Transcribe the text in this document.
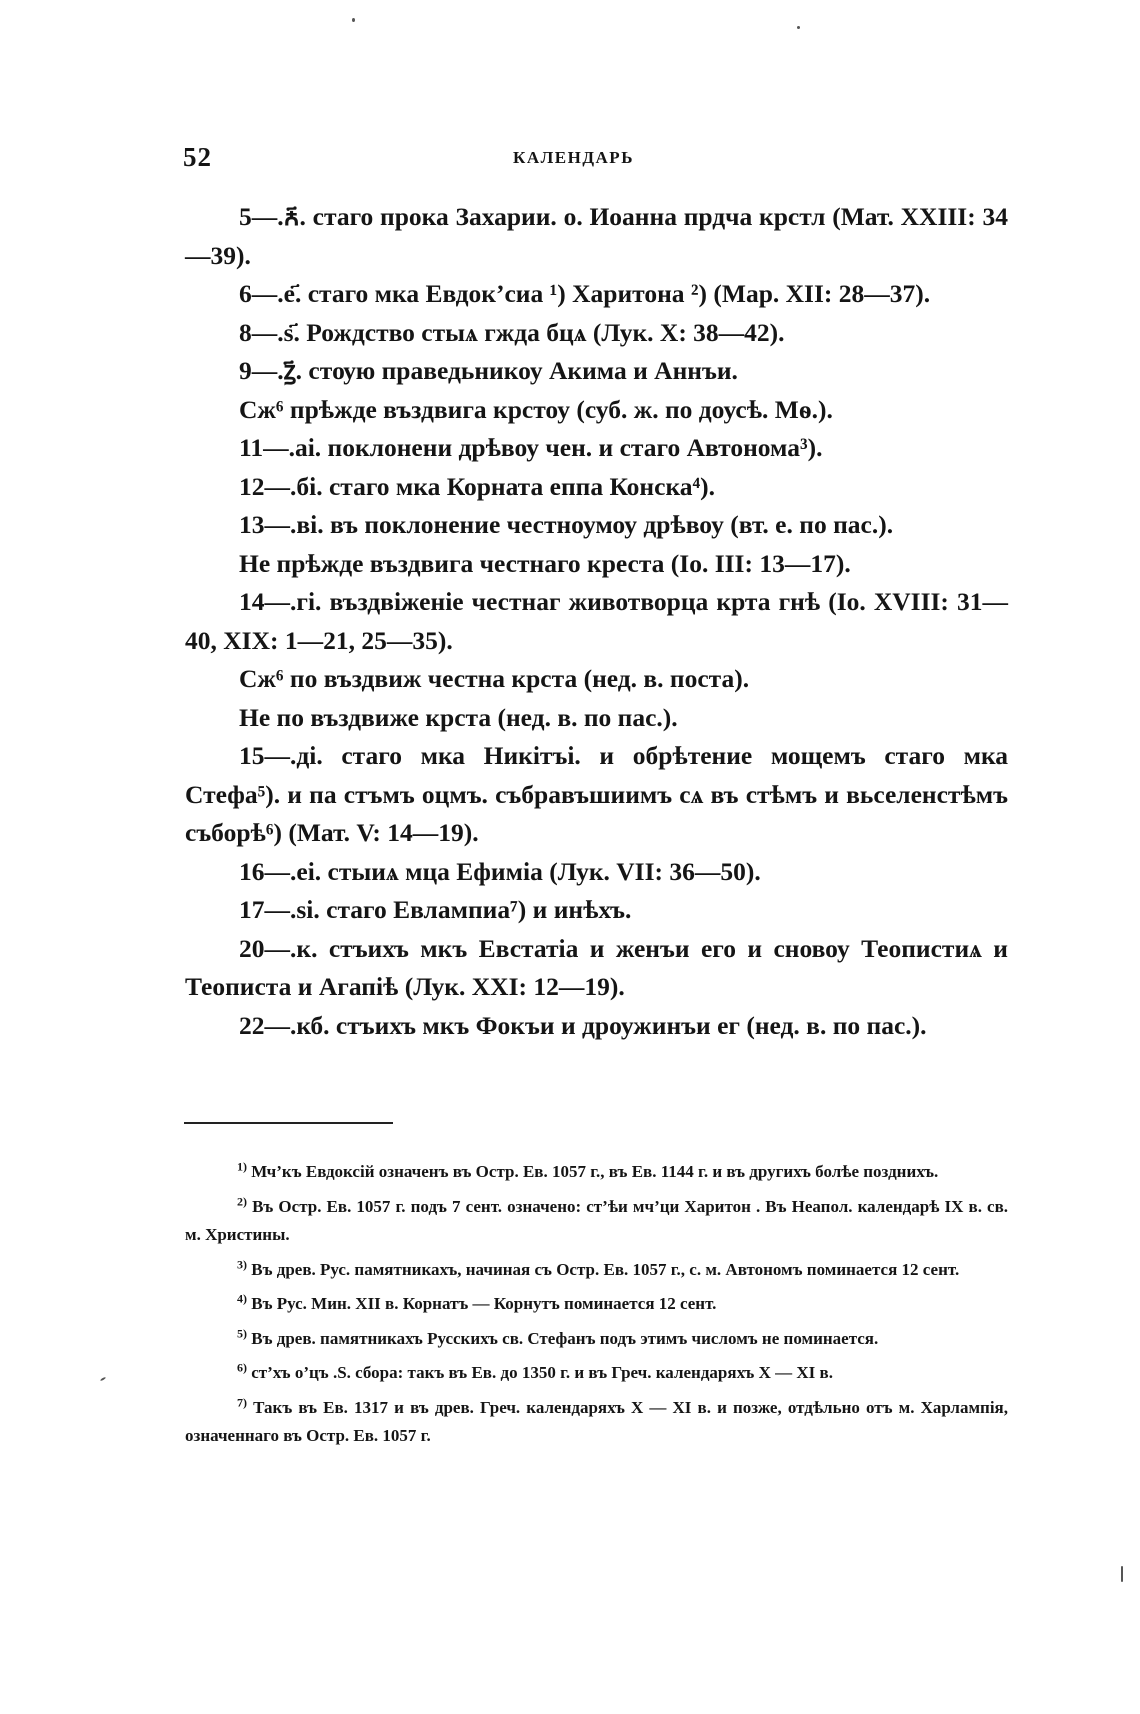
52	КАЛЕНДАРЬ

5—.ꙉ҃. стаго прока Захарии. о. Иоанна прдча крстл (Мат. XXIII: 34—39).

6—.е҃. стаго мка Евдок’сиа ¹) Харитона ²) (Мар. XII: 28—37).

8—.ѕ҃. Рождство стыѧ гжда бцѧ (Лук. X: 38—42).

9—.ꙁ҃. стѹю праведьникоу Акима и Аннъи.

Сж⁶ прѣжде въздвига крстоу (суб. ж. по доусѣ. Мѳ.).

11—.аі. поклонени дрѣвоу чен. и стаго Автонома³).

12—.бі. стаго мка Корната еппа Конска⁴).

13—.ві. въ поклонение честноумоу дрѣвоу (вт. е. по пас.).

Не прѣжде въздвига честнаго креста (Io. III: 13—17).

14—.гі. въздвіженіе честнаг животворца крта гнѣ (Io. XVIII: 31—40, XIX: 1—21, 25—35).

Сж⁶ по въздвиж честна крста (нед. в. поста).

Не по въздвиже крста (нед. в. по пас.).

15—.ді. стаго мка Никітъі. и обрѣтение мощемъ стаго мка Стефа⁵). и па стъмъ оцмъ. събравъшиимъ сѧ въ стѣмъ и вьселенстѣмъ съборѣ⁶) (Мат. V: 14—19).

16—.еі. стыиѧ мца Ефиміа (Лук. VII: 36—50).

17—.ѕі. стаго Евлампиа⁷) и инѣхъ.

20—.к. стъихъ мкъ Евстатіа и женъи его и сновоу Теопистиѧ и Теописта и Агапіѣ (Лук. XXI: 12—19).

22—.кб. стъихъ мкъ Фокъи и дроужинъи ег (нед. в. по пас.).

$^{1)}$ Мч’къ Евдоксій означенъ въ Остр. Ев. 1057 г., въ Ев. 1144 г. и въ другихъ болѣе позднихъ.

$^{2)}$ Въ Остр. Ев. 1057 г. подъ 7 сент. означено: ст’ѣи мч’ци Харитон . Въ Неапол. календарѣ IX в. св. м. Христины.

$^{3)}$ Въ древ. Рус. памятникахъ, начиная съ Остр. Ев. 1057 г., с. м. Автономъ поминается 12 сент.

$^{4)}$ Въ Рус. Мин. XII в. Корнатъ — Корнутъ поминается 12 сент.

$^{5)}$ Въ древ. памятникахъ Русскихъ св. Стефанъ подъ этимъ числомъ не поминается.

$^{6)}$ ст’хъ о’цъ .Ѕ. сбора: такъ въ Ев. до 1350 г. и въ Греч. календаряхъ X — XI в.

$^{7)}$ Такъ въ Ев. 1317 и въ древ. Греч. календаряхъ X — XI в. и позже, отдѣльно отъ м. Харлампія, означеннаго въ Остр. Ев. 1057 г.
